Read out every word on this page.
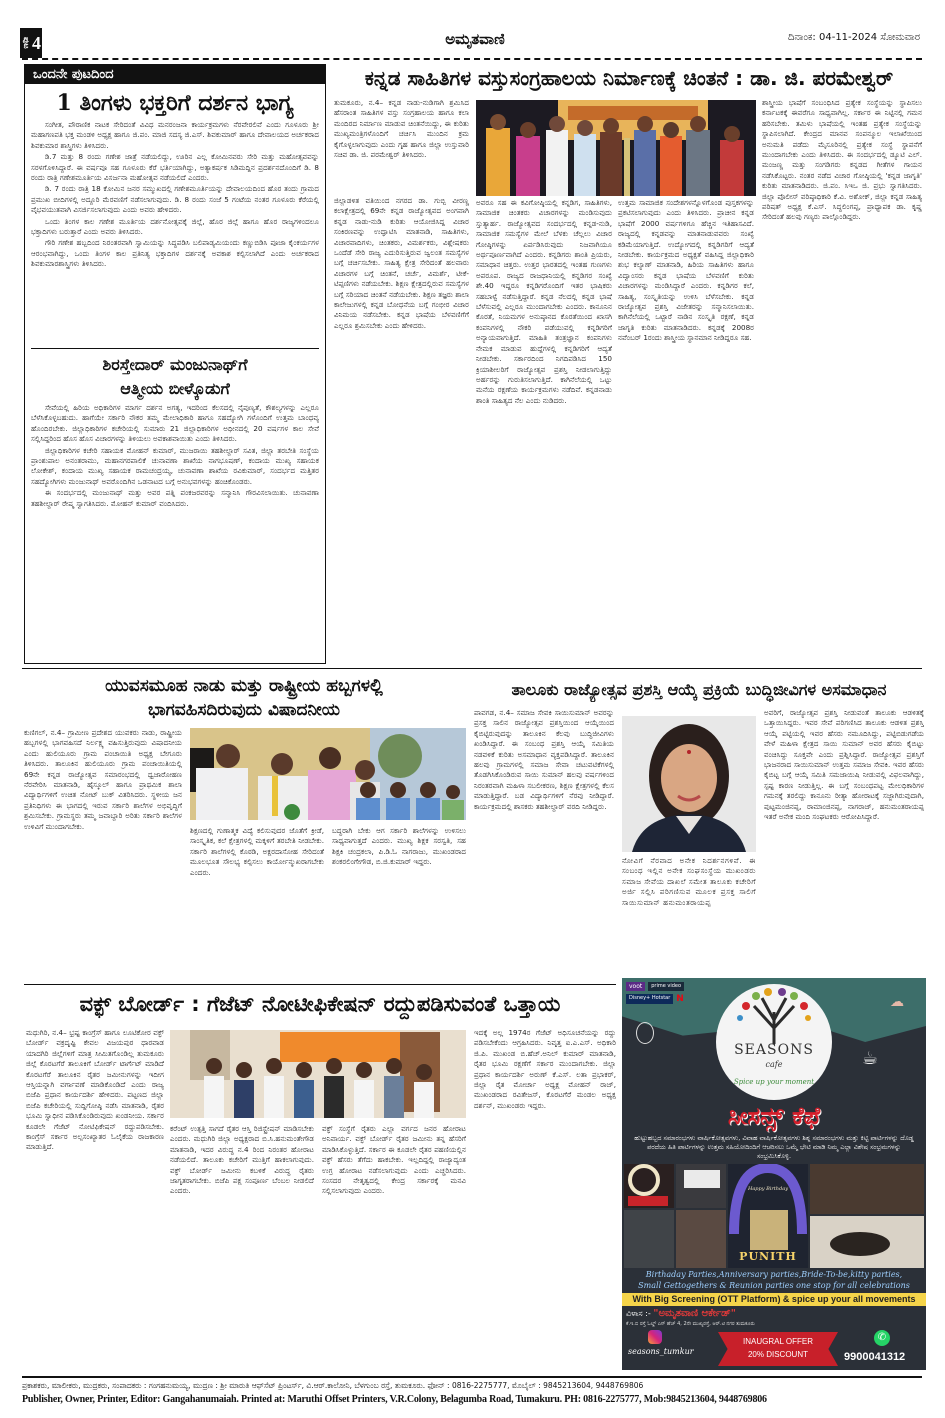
ಪುಟ 4	ಅಮೃತವಾಣಿ	ದಿನಾಂಕ: 04-11-2024 ಸೋಮವಾರ
ಒಂದನೇ ಪುಟದಿಂದ
1 ತಿಂಗಳು ಭಕ್ತರಿಗೆ ದರ್ಶನ ಭಾಗ್ಯ

ಸಂಗೀತ, ಪೌರಾಣಿಕ ನಾಟಕ ಸೇರಿದಂತೆ ವಿವಿಧ ಮನರಂಜನಾ ಕಾರ್ಯಕ್ರಮಗಳು ನೆರವೇರಲಿವೆ ಎಂದು ಗೂಳೂರು ಶ್ರೀ ಮಹಾಗಣಪತಿ ಭಕ್ತ ಮಂಡಳಿ ಅಧ್ಯಕ್ಷ ಹಾಗೂ ಜಿ.ಪಂ. ಮಾಜಿ ಸದಸ್ಯ ಜಿ.ಎಸ್. ಶಿವಕುಮಾರ್ ಹಾಗೂ ದೇವಾಲಯದ ಅರ್ಚಕರಾದ ಶಿವಕುಮಾರ ಶಾಸ್ತ್ರಿಗಳು ತಿಳಿಸಿದರು.

ಡಿ.7 ಮತ್ತು 8 ರಂದು ಗಣೇಶ ಜಾತ್ರೆ ನಡೆಯಲಿದ್ದು, ಊರಿನ ಎಲ್ಲ ಕೋಮಿನವರು ಸೇರಿ ಮತ್ತು ಮಹೋತ್ಸವವನ್ನು ಸರಳಗೊಳಿಸಿದ್ದಾರೆ. ಈ ವರ್ಷವೂ ಸಹ ಗೂಳೂರು ಕೆರೆ ಭರ್ತಿಯಾಗಿದ್ದು, ಅತ್ಯಾಕರ್ಷಕ ಸಿಡಿಮದ್ದಿನ ಪ್ರದರ್ಶನದೊಂದಿಗೆ ಡಿ. 8 ರಂದು ರಾತ್ರಿ ಗಣೇಶಮೂರ್ತಿಯ ವಿಸರ್ಜನಾ ಮಹೋತ್ಸವ ನಡೆಯಲಿದೆ ಎಂದರು.

ಡಿ. 7 ರಂದು ರಾತ್ರಿ 18 ಕೋಮಿನ ಜನರ ಸಮ್ಮುಖದಲ್ಲಿ ಗಣೇಶಮೂರ್ತಿಯನ್ನು ದೇವಾಲಯದಿಂದ ಹೊರ ತಂದು ಗ್ರಾಮದ ಪ್ರಮುಖ ಬೀದಿಗಳಲ್ಲಿ ಅದ್ದೂರಿ ಮೆರವಣಿಗೆ ನಡೆಸಲಾಗುವುದು. ಡಿ. 8 ರಂದು ಸಂಜೆ 5 ಗಂಟೆಯ ನಂತರ ಗೂಳೂರು ಕೆರೆಯಲ್ಲಿ ವೈಭವಯುತವಾಗಿ ವಿಸರ್ಜಿಸಲಾಗುವುದು ಎಂದು ಅವರು ಹೇಳಿದರು.

ಒಂದು ತಿಂಗಳ ಕಾಲ ಗಣೇಶ ಮೂರ್ತಿಯ ದರ್ಶನೋತ್ಸವಕ್ಕೆ ಜಿಲ್ಲೆ, ಹೊರ ಜಿಲ್ಲೆ ಹಾಗೂ ಹೊರ ರಾಜ್ಯಗಳಿಂದಲೂ ಭಕ್ತಾದಿಗಳು ಬರುತ್ತಾರೆ ಎಂದು ಅವರು ತಿಳಿಸಿದರು.

ಗೌರಿ ಗಣೇಶ ಹಬ್ಬದಿಂದ ನಿರಂತರವಾಗಿ ಸ್ವಾಮಿಯನ್ನು ಸಿದ್ಧಪಡಿಸಿ ಬಲಿಪಾಡ್ಯಮಿಯಂದು ಕಣ್ಣುಬಿಡಿಸಿ ಪೂಜಾ ಕೈಂಕರ್ಯಗಳ ಆರಂಭವಾಗಿದ್ದು, ಒಂದು ತಿಂಗಳ ಕಾಲ ಪ್ರತಿನಿತ್ಯ ಭಕ್ತಾದಿಗಳ ದರ್ಶನಕ್ಕೆ ಅವಕಾಶ ಕಲ್ಪಿಸಲಾಗಿದೆ ಎಂದು ಅರ್ಚಕರಾದ ಶಿವಕುಮಾರಶಾಸ್ತ್ರಿಗಳು ತಿಳಿಸಿದರು.

ಶಿರಸ್ತೇದಾರ್ ಮಂಜುನಾಥ್‌ಗೆ
ಆತ್ಮೀಯ ಬೀಳ್ಕೊಡುಗೆ

ಸೇವೆಯಲ್ಲಿ ಹಿರಿಯ ಅಧಿಕಾರಿಗಳ ಮಾರ್ಗ ದರ್ಶನ ಅಗತ್ಯ, ಇದರಿಂದ ಕೆಲಸದಲ್ಲಿ ನೈಪುಣ್ಯತೆ, ಕೌಶಲ್ಯಗಳನ್ನು ಎಲ್ಲರೂ ಬೆಳೆಸಿಕೊಳ್ಳಬಹುದು. ಹಾಗೆಯೇ ಸರ್ಕಾರಿ ನೌಕರ ತಮ್ಮ ಮೇಲಾಧಿಕಾರಿ ಹಾಗೂ ಸಹದ್ಯೋಗಿ ಗಳೊಂದಿಗೆ ಉತ್ತಮ ಬಾಂಧವ್ಯ ಹೊಂದಿರಬೇಕು. ಜಿಲ್ಲಾಧಿಕಾರಿಗಳ ಕಚೇರಿಯಲ್ಲಿ ಸುಮಾರು 21 ಜಿಲ್ಲಾಧಿಕಾರಿಗಳ ಅಧೀನದಲ್ಲಿ 20 ವರ್ಷಗಳ ಕಾಲ ಸೇವೆ ಸಲ್ಲಿಸಿದ್ದರಿಂದ ಹೊಸ ಹೊಸ ವಿಚಾರಗಳನ್ನು ತಿಳಿಯಲು ಅವಕಾಶವಾಯಿತು ಎಂದು ತಿಳಿಸಿದರು.

ಜಿಲ್ಲಾಧಿಕಾರಿಗಳ ಕಚೇರಿ ಸಹಾಯಕ ಮೋಹನ್ ಕುಮಾರ್, ಮುಜರಾಯಿ ತಹಶೀಲ್ದಾರ್ ಸವಿತ, ಜಿಲ್ಲಾ ತರಬೇತಿ ಸಂಸ್ಥೆಯ ಪ್ರಾಂಶುಪಾಲ ಅನಂತರಾಮು, ಮಹಾನಗರಪಾಲಿಕೆ ಚುನಾವಣಾ ಶಾಖೆಯ ನಾಗಭೂಷಣ್, ಕಂದಾಯ ಮುಖ್ಯ ಸಹಾಯಕ ಲೋಕೇಶ್, ಕಂದಾಯ ಮುಖ್ಯ ಸಹಾಯಕ ರಾಮಚಂದ್ರಯ್ಯ, ಚುನಾವಣಾ ಶಾಖೆಯ ರವಿಕುಮಾರ್, ಸಂದರ್ಭದ ಮತ್ತಿತರ ಸಹದ್ಯೋಗಿಗಳು ಮಂಜುನಾಥ್ ಅವರೊಂದಿಗಿನ ಒಡನಾಟದ ಬಗ್ಗೆ ಅನುಭವಗಳನ್ನು ಹಂಚಿಕೊಂಡರು.

ಈ ಸಂದರ್ಭದಲ್ಲಿ ಮಂಜುನಾಥ್ ಮತ್ತು ಅವರ ಪತ್ನಿ ಪಂಕಜರವರನ್ನು ಸನ್ಮಾನಿಸಿ ಗೌರವಿಸಲಾಯಿತು. ಚುನಾವಣಾ ತಹಶೀಲ್ದಾರ್ ರೇಷ್ಮ ಸ್ವಾಗತಿಸಿದರು. ಮೋಹನ್ ಕುಮಾರ್ ವಂದಿಸಿದರು.

ಕನ್ನಡ ಸಾಹಿತಿಗಳ ವಸ್ತುಸಂಗ್ರಹಾಲಯ ನಿರ್ಮಾಣಕ್ಕೆ ಚಿಂತನೆ : ಡಾ. ಜಿ. ಪರಮೇಶ್ವರ್
ತುಮಕೂರು, ನ.4– ಕನ್ನಡ ನಾಡು-ನುಡಿಗಾಗಿ ಶ್ರಮಿಸಿದ ಹೆಸರಾಂತ ಸಾಹಿತಿಗಳ ವಸ್ತು ಸಂಗ್ರಹಾಲಯ ಹಾಗೂ ಕಲಾ ಮಂದಿರದ ನಿರ್ಮಾಣ ಮಾಡುವ ಚಿಂತನೆಯಿದ್ದು, ಈ ಕುರಿತು ಮುಖ್ಯಮಂತ್ರಿಗಳೊಂದಿಗೆ ಚರ್ಚಿಸಿ ಮುಂದಿನ ಕ್ರಮ ಕೈಗೊಳ್ಳಲಾಗುವುದು ಎಂದು ಗೃಹ ಹಾಗೂ ಜಿಲ್ಲಾ ಉಸ್ತುವಾರಿ ಸಚಿವ ಡಾ. ಜಿ. ಪರಮೇಶ್ವರ್ ತಿಳಿಸಿದರು.
ಜಿಲ್ಲಾಡಳಿತ ವತಿಯಿಂದ ನಗರದ ಡಾ. ಗುಬ್ಬಿ ವೀರಣ್ಣ ಕಲಾಕ್ಷೇತ್ರದಲ್ಲಿ 69ನೇ ಕನ್ನಡ ರಾಜ್ಯೋತ್ಸವದ ಅಂಗವಾಗಿ ಕನ್ನಡ ನಾಡು-ನುಡಿ ಕುರಿತು ಆಯೋಜಿಸಿದ್ದ ವಿಚಾರ ಸಂಕಿರಣವನ್ನು ಉದ್ಘಾಟಿಸಿ ಮಾತನಾಡಿ, ಸಾಹಿತಿಗಳು, ವಿಚಾರವಾದಿಗಳು, ಚಿಂತಕರು, ವಿಮರ್ಶಕರು, ವಿಶ್ಲೇಷಕರು ಒಂದೆಡೆ ಸೇರಿ ರಾಜ್ಯ ಎದುರಿಸುತ್ತಿರುವ ಜ್ವಲಂತ ಸಮಸ್ಯೆಗಳ ಬಗ್ಗೆ ಚರ್ಚಿಸಬೇಕು. ಸಾಹಿತ್ಯ ಕ್ಷೇತ್ರ ಸೇರಿದಂತೆ ಹಲವಾರು ವಿಚಾರಗಳ ಬಗ್ಗೆ ಚಿಂತನೆ, ಚರ್ಚೆ, ವಿಮರ್ಶೆ, ಟೀಕೆ-ಟಿಪ್ಪಣಿಗಳು ನಡೆಯಬೇಕು. ಶಿಕ್ಷಣ ಕ್ಷೇತ್ರದಲ್ಲಿರುವ ಸಮಸ್ಯೆಗಳ ಬಗ್ಗೆ ಸರಿಯಾದ ಚಿಂತನೆ ನಡೆಯಬೇಕು. ಶಿಕ್ಷಣ ತಜ್ಞರು ಶಾಲಾ ಕಾಲೇಜುಗಳಲ್ಲಿ ಕನ್ನಡ ಬೋಧನೆಯ ಬಗ್ಗೆ ಗಂಭೀರ ವಿಚಾರ ವಿನಿಮಯ ನಡೆಸಬೇಕು. ಕನ್ನಡ ಭಾಷೆಯ ಬೆಳವಣಿಗೆಗೆ ಎಲ್ಲರೂ ಶ್ರಮಿಸಬೇಕು ಎಂದು ಹೇಳಿದರು.
ಅವರೂ ಸಹ ಈ ಕವಿಗೋಷ್ಠಿಯಲ್ಲಿ ಕನ್ನಡಿಗ, ಸಾಹಿತಿಗಳು, ಸಾಮಾಜಿಕ ಚಿಂತಕರು ವಿಚಾರಗಳನ್ನು ಮಂಡಿಸುವುದು ಸ್ತುತ್ಯಾರ್ಹ. ರಾಜ್ಯೋತ್ಸವದ ಸಂದರ್ಭದಲ್ಲಿ ಕನ್ನಡ-ನುಡಿ, ಸಾಮಾಜಿಕ ಸಮಸ್ಯೆಗಳ ಮೇಲೆ ಬೆಳಕು ಚೆಲ್ಲಲು ವಿಚಾರ ಗೋಷ್ಠಿಗಳನ್ನು ಏರ್ಪಡಿಸಿರುವುದು ನಿಜವಾಗಿಯೂ ಅರ್ಥಪೂರ್ಣವಾಗಿದೆ ಎಂದರು. ಕನ್ನಡಿಗರು ಶಾಂತಿ ಪ್ರಿಯರು, ಸಮಾಧಾನ ಚಿತ್ತರು. ಉತ್ತರ ಭಾರತದಲ್ಲಿ ಇಂತಹ ಗುಣಗಳು ಅಪರೂಪ. ರಾಜ್ಯದ ರಾಜಧಾನಿಯಲ್ಲಿ ಕನ್ನಡಿಗರ ಸಂಖ್ಯೆ ಶೇ.40 ಇದ್ದರೂ ಕನ್ನಡಿಗರೊಂದಿಗೆ ಇತರ ಭಾಷಿಕರು ಸಹಬಾಳ್ವೆ ನಡೆಸುತ್ತಿದ್ದಾರೆ. ಕನ್ನಡ ನೆಲದಲ್ಲಿ ಕನ್ನಡ ಭಾಷೆ ಬೆಳೆಸುವಲ್ಲಿ ಎಲ್ಲರೂ ಮುಂದಾಗಬೇಕು ಎಂದರು. ಕಾನೂನಿನ ಕೊರತೆ, ನಿಯಮಗಳ ಅನುಷ್ಠಾನದ ಕೊರತೆಯಿಂದ ಖಾಸಗಿ ಕಂಪನಿಗಳಲ್ಲಿ ನೌಕರಿ ಪಡೆಯುವಲ್ಲಿ ಕನ್ನಡಿಗರಿಗೆ ಅನ್ಯಾಯವಾಗುತ್ತಿದೆ. ಮಾಹಿತಿ ತಂತ್ರಜ್ಞಾನ ಕಂಪನಿಗಳು ನೇಮಕ ಮಾಡುವ ಹುದ್ದೆಗಳಲ್ಲಿ ಕನ್ನಡಿಗರಿಗೆ ಆದ್ಯತೆ ನೀಡಬೇಕು. ಸರ್ಕಾರದಿಂದ ನಿಗದಿಪಡಿಸಿದ 150 ಕ್ರಿಯಾಶೀಲರಿಗೆ ರಾಜ್ಯೋತ್ಸವ ಪ್ರಶಸ್ತಿ ನೀಡಲಾಗುತ್ತಿದ್ದು ಅರ್ಹರನ್ನು ಗುರುತಿಸಲಾಗುತ್ತಿದೆ. ಕಾಗಿನೆಲೆಯಲ್ಲಿ ಒಟ್ಟು ಮನೆಯ ರಕ್ಷಣೆಯ ಕಾರ್ಯಕ್ರಮಗಳು ನಡೆದಿವೆ. ಕನ್ನಡನಾಡು ಶಾಂತಿ ಸಾಹಿತ್ಯದ ನೆಲ ಎಂದು ನುಡಿದರು.
ಉತ್ತಮ ಸಾಮಾಜಿಕ ಸಂದೇಶಗಳನ್ನೊಳಗೊಂಡ ಪುಸ್ತಕಗಳನ್ನು ಪ್ರಕಟಿಸಲಾಗುವುದು ಎಂದು ತಿಳಿಸಿದರು. ಪ್ರಾಚೀನ ಕನ್ನಡ ಭಾಷೆಗೆ 2000 ವರ್ಷಗಳಿಗೂ ಹೆಚ್ಚಿನ ಇತಿಹಾಸವಿದೆ. ರಾಜ್ಯದಲ್ಲಿ ಕನ್ನಡವನ್ನು ಮಾತನಾಡುವವರು ಸಂಖ್ಯೆ ಕಡಿಮೆಯಾಗುತ್ತಿದೆ. ಉದ್ಯೋಗದಲ್ಲಿ ಕನ್ನಡಿಗರಿಗೆ ಆದ್ಯತೆ ನೀಡಬೇಕು. ಕಾರ್ಯಕ್ರಮದ ಅಧ್ಯಕ್ಷತೆ ವಹಿಸಿದ್ದ ಜಿಲ್ಲಾಧಿಕಾರಿ ಶುಭ ಕಲ್ಯಾಣ್ ಮಾತನಾಡಿ, ಹಿರಿಯ ಸಾಹಿತಿಗಳು ಹಾಗೂ ವಿದ್ವಾಂಸರು ಕನ್ನಡ ಭಾಷೆಯ ಬೆಳವಣಿಗೆ ಕುರಿತು ವಿಚಾರಗಳನ್ನು ಮಂಡಿಸಿದ್ದಾರೆ ಎಂದರು. ಕನ್ನಡಿಗರ ಕಲೆ, ಸಾಹಿತ್ಯ, ಸಂಸ್ಕೃತಿಯನ್ನು ಉಳಿಸಿ ಬೆಳೆಸಬೇಕು. ಕನ್ನಡ ರಾಜ್ಯೋತ್ಸವ ಪ್ರಶಸ್ತಿ ವಿಜೇತರನ್ನು ಸನ್ಮಾನಿಸಲಾಯಿತು. ಕಾಗಿನೆಲೆಯಲ್ಲಿ ಒಟ್ಟಾರೆ ನಾಡಿನ ಸಂಸ್ಕೃತಿ ರಕ್ಷಣೆ, ಕನ್ನಡ ಜಾಗೃತಿ ಕುರಿತು ಮಾತನಾಡಿದರು. ಕನ್ನಡಕ್ಕೆ 2008ರ ನವೆಂಬರ್ 1ರಂದು ಶಾಸ್ತ್ರೀಯ ಸ್ಥಾನಮಾನ ನೀಡಿದ್ದರೂ ಸಹ.
ಶಾಸ್ತ್ರೀಯ ಭಾಷೆಗೆ ಸಂಬಂಧಿಸಿದ ಪ್ರತ್ಯೇಕ ಸಂಸ್ಥೆಯನ್ನು ಸ್ಥಾಪಿಸಲು ಕರ್ನಾಟಕಕ್ಕೆ ಈವರೆಗೂ ಸಾಧ್ಯವಾಗಿಲ್ಲ. ಸರ್ಕಾರ ಈ ನಿಟ್ಟಿನಲ್ಲಿ ಗಮನ ಹರಿಸಬೇಕು. ತಮಿಳು ಭಾಷೆಯಲ್ಲಿ ಇಂತಹ ಪ್ರತ್ಯೇಕ ಸಂಸ್ಥೆಯನ್ನು ಸ್ಥಾಪಿಸಲಾಗಿದೆ. ಕೇಂದ್ರದ ಮಾನವ ಸಂಪನ್ಮೂಲ ಇಲಾಖೆಯಿಂದ ಅನುಮತಿ ಪಡೆದು ಮೈಸೂರಿನಲ್ಲಿ ಪ್ರತ್ಯೇಕ ಸಂಸ್ಥೆ ಸ್ಥಾಪನೆಗೆ ಮುಂದಾಗಬೇಕು ಎಂದು ತಿಳಿಸಿದರು. ಈ ಸಂದರ್ಭದಲ್ಲಿ ಡ್ಯೂಟಿ ಎಲ್. ಮಂಜಣ್ಣ ಮತ್ತು ಸಂಗಡಿಗರು ಕನ್ನಡದ ಗೀತೆಗಳ ಗಾಯನ ನಡೆಸಿಕೊಟ್ಟರು. ನಂತರ ನಡೆದ ವಿಚಾರ ಗೋಷ್ಠಿಯಲ್ಲಿ 'ಕನ್ನಡ ಜಾಗೃತಿ' ಕುರಿತು ಮಾತನಾಡಿದರು. ಜಿ.ಪಂ. ಸಿಇಒ ಜಿ. ಪ್ರಭು ಸ್ವಾಗತಿಸಿದರು. ಜಿಲ್ಲಾ ಪೊಲೀಸ್ ವರಿಷ್ಠಾಧಿಕಾರಿ ಕೆ.ವಿ. ಅಶೋಕ್, ಜಿಲ್ಲಾ ಕನ್ನಡ ಸಾಹಿತ್ಯ ಪರಿಷತ್ ಅಧ್ಯಕ್ಷ ಕೆ.ಎಸ್. ಸಿದ್ಧಲಿಂಗಪ್ಪ, ಪ್ರಾಧ್ಯಾಪಕ ಡಾ. ಕೃಷ್ಣ ಸೇರಿದಂತೆ ಹಲವು ಗಣ್ಯರು ಪಾಲ್ಗೊಂಡಿದ್ದರು.
ಯುವಸಮೂಹ ನಾಡು ಮತ್ತು ರಾಷ್ಟ್ರೀಯ ಹಬ್ಬಗಳಲ್ಲಿ
ಭಾಗವಹಿಸದಿರುವುದು ವಿಷಾದನೀಯ
ಕುಣಿಗಲ್, ನ.4– ಗ್ರಾಮೀಣ ಪ್ರದೇಶದ ಯುವಕರು ನಾಡು, ರಾಷ್ಟ್ರೀಯ ಹಬ್ಬಗಳಲ್ಲಿ ಭಾಗವಹಿಸದೆ ನಿರ್ಲಕ್ಷ್ಯ ವಹಿಸುತ್ತಿರುವುದು ವಿಷಾದನೀಯ ಎಂದು ಹುಲಿಯೂರು ಗ್ರಾಮ ಪಂಚಾಯಿತಿ ಅಧ್ಯಕ್ಷ ಬೇಗೂರು ತಿಳಿಸಿದರು. ತಾಲೂಕಿನ ಹುಲಿಯೂರು ಗ್ರಾಮ ಪಂಚಾಯಿತಿಯಲ್ಲಿ 69ನೇ ಕನ್ನಡ ರಾಜ್ಯೋತ್ಸವ ಸಮಾರಂಭದಲ್ಲಿ ಧ್ವಜಾರೋಹಣ ನೆರವೇರಿಸಿ ಮಾತನಾಡಿ, ಹೈಸ್ಕೂಲ್ ಹಾಗೂ ಪ್ರಾಥಮಿಕ ಶಾಲಾ ವಿದ್ಯಾರ್ಥಿಗಳಿಗೆ ಉಚಿತ ನೋಟ್ ಬುಕ್ ವಿತರಿಸಿದರು. ಸ್ಥಳೀಯ ಜನ ಪ್ರತಿನಿಧಿಗಳು ಈ ಭಾಗದಲ್ಲಿ ಇರುವ ಸರ್ಕಾರಿ ಶಾಲೆಗಳ ಅಭಿವೃದ್ಧಿಗೆ ಶ್ರಮಿಸಬೇಕು. ಗ್ರಾಮಸ್ಥರು ತಮ್ಮ ಜವಾಬ್ದಾರಿ ಅರಿತು ಸರ್ಕಾರಿ ಶಾಲೆಗಳ ಉಳಿವಿಗೆ ಮುಂದಾಗಬೇಕು.	ಶಿಕ್ಷಣದಲ್ಲಿ ಗುಣಾತ್ಮಕ ವಿದ್ಯೆ ಕಲಿಸುವುದರ ಜೊತೆಗೆ ಕ್ರೀಡೆ, ಸಾಂಸ್ಕೃತಿಕ, ಕಲೆ ಕ್ಷೇತ್ರಗಳಲ್ಲಿ ಮಕ್ಕಳಿಗೆ ತರಬೇತಿ ನೀಡಬೇಕು. ಸರ್ಕಾರಿ ಶಾಲೆಗಳಲ್ಲಿ ಕೊಠಡಿ, ಅಕ್ಷರದಾಸೋಹ ಸೇರಿದಂತೆ ಮೂಲಭೂತ ಸೌಲಭ್ಯ ಕಲ್ಪಿಸಲು ಕಾರ್ಯೋನ್ಮುಖರಾಗಬೇಕು ಎಂದರು.
ಬದ್ಧರಾಗಿ ಬೇಕು ಆಗ ಸರ್ಕಾರಿ ಶಾಲೆಗಳನ್ನು ಉಳಿಸಲು ಸಾಧ್ಯವಾಗುತ್ತದೆ ಎಂದರು. ಮುಖ್ಯ ಶಿಕ್ಷಕ ಸರಸ್ವತಿ, ಸಹ ಶಿಕ್ಷಕಿ ಚಂದ್ರಕಲಾ, ಪಿ.ಡಿ.ಓ ನಾಗರಾಜು, ಮುಖಂಡರಾದ ಶಂಕರಲಿಂಗೇಗೌಡ, ಬಿ.ಜಿ.ಕುಮಾರ್ ಇದ್ದರು.
ತಾಲೂಕು ರಾಜ್ಯೋತ್ಸವ ಪ್ರಶಸ್ತಿ ಆಯ್ಕೆ ಪ್ರಕ್ರಿಯೆ ಬುದ್ಧಿಜೀವಿಗಳ ಅಸಮಾಧಾನ
ಪಾವಗಡ, ನ.4– ಸಮಾಜ ಸೇವಕಿ ಸಾಯಿಸುಮಾನ್ ಅವರನ್ನು ಪ್ರಸಕ್ತ ಸಾಲಿನ ರಾಜ್ಯೋತ್ಸವ ಪ್ರಶಸ್ತಿಯಿಂದ ಆಯ್ಕೆಯಿಂದ ಕೈಬಿಟ್ಟಿರುವುದನ್ನು ತಾಲೂಕಿನ ಕೆಲವು ಬುದ್ಧಿಜೀವಿಗಳು ಖಂಡಿಸಿದ್ದಾರೆ. ಈ ಸಂಬಂಧ ಪ್ರಶಸ್ತಿ ಆಯ್ಕೆ ಸಮಿತಿಯ ನಡವಳಿಕೆ ಕುರಿತು ಅಸಮಾಧಾನ ವ್ಯಕ್ತಪಡಿಸಿದ್ದಾರೆ. ತಾಲೂಕಿನ ಹಲವು ಗ್ರಾಮಗಳಲ್ಲಿ ಸಮಾಜ ಸೇವಾ ಚಟುವಟಿಕೆಗಳಲ್ಲಿ ತೊಡಗಿಸಿಕೊಂಡಿರುವ ಸಾಯಿ ಸುಮಾನ್ ಹಲವು ವರ್ಷಗಳಿಂದ ನಿರಂತರವಾಗಿ ಮಹಿಳಾ ಸಬಲೀಕರಣ, ಶಿಕ್ಷಣ ಕ್ಷೇತ್ರಗಳಲ್ಲಿ ಕೆಲಸ ಮಾಡುತ್ತಿದ್ದಾರೆ. ಬಡ ವಿದ್ಯಾರ್ಥಿಗಳಿಗೆ ನೆರವು ನೀಡಿದ್ದಾರೆ. ಕಾರ್ಯಕ್ರಮದಲ್ಲಿ ಶಾಸಕರು ತಹಶೀಲ್ದಾರ್ ವರದಿ ನೀಡಿದ್ದರು.
ನೋವಿಗೆ ನೆರವಾದ ಅನೇಕ ನಿದರ್ಶನಗಳಿವೆ. ಈ ಸಂಬಂಧ ಇಲ್ಲಿನ ಅನೇಕ ಸಂಘಸಂಸ್ಥೆಯ ಮುಖಂಡರು ಸಮಾಜ ಸೇವೆಯ ದಾಖಲೆ ಸಮೇತ ತಾಲೂಕು ಕಚೇರಿಗೆ ಅರ್ಜಿ ಸಲ್ಲಿಸಿ ಪರಿಗಣಿಸುವ ಮೂಲಕ ಪ್ರಸಕ್ತ ಸಾಲಿಗೆ ಸಾಯಿಸುಮಾನ್ ಹನುಮಂತರಾಯಪ್ಪ
ಅವರಿಗೆ, ರಾಜ್ಯೋತ್ಸವ ಪ್ರಶಸ್ತಿ ನೀಡುವಂತೆ ತಾಲೂಕು ಆಡಳಿತಕ್ಕೆ ಒತ್ತಾಯಿಸಿದ್ದರು. ಇವರ ಸೇವೆ ಪರಿಗಣಿಸಿದ ತಾಲೂಕು ಆಡಳಿತ ಪ್ರಶಸ್ತಿ ಆಯ್ಕೆ ಪಟ್ಟಿಯಲ್ಲಿ ಇವರ ಹೆಸರು ನಮೂದಿಸಿದ್ದು, ಪಟ್ಟಿಬಿಡುಗಡೆಯ ವೇಳೆ ಮಹಿಳಾ ಕ್ಷೇತ್ರದ ಸಾಯಿ ಸುಮಾನ್ ಅವರ ಹೆಸರು ಕೈಬಿಟ್ಟು ವಂಚಿಸಿದ್ದು ಸೂಕ್ತವೇ ಎಂದು ಪ್ರಶ್ನಿಸಿದ್ದಾರೆ. ರಾಜ್ಯೋತ್ಸವ ಪ್ರಶಸ್ತಿಗೆ ಭಾಜನರಾದ ಸಾಯಿಸುಮಾನ್ ಉತ್ತಮ ಸಮಾಜ ಸೇವಕಿ. ಇವರ ಹೆಸರು ಕೈಬಿಟ್ಟ ಬಗ್ಗೆ ಆಯ್ಕೆ ಸಮಿತಿ ಸಮಜಾಯಿಷಿ ನೀಡುವಲ್ಲಿ ವಿಫಲವಾಗಿದ್ದು, ಸ್ಪಷ್ಟ ಕಾರಣ ನೀಡುತ್ತಿಲ್ಲ. ಈ ಬಗ್ಗೆ ಸಂಬಂಧಪಟ್ಟ ಮೇಲಧಿಕಾರಿಗಳ ಗಮನಕ್ಕೆ ತರಲಿದ್ದು ಕಾನೂನು ರೀತ್ಯಾ ಹೋರಾಟಕ್ಕೆ ಸಜ್ಜಾಗಿರುವುದಾಗಿ, ಪುಟ್ಟಮಂಜಿನಪ್ಪ, ರಾಮಾಂಜಿನಪ್ಪ, ನಾಗರಾಜ್, ಹನುಮಂತರಾಯಪ್ಪ ಇತರೆ ಅನೇಕ ಮಂದಿ ಸಂಘಟಕರು ಆರೋಪಿಸಿದ್ದಾರೆ.
ವಕ್ಫ್ ಬೋರ್ಡ್ : ಗೆಜೆಟ್ ನೋಟೀಫಿಕೇಷನ್ ರದ್ದುಪಡಿಸುವಂತೆ ಒತ್ತಾಯ
ಮಧುಗಿರಿ, ನ.4– ಭ್ರಷ್ಟ ಕಾಂಗ್ರೆಸ್ ಹಾಗೂ ಲೂಟಿಕೋರ ವಕ್ಫ್ ಬೋರ್ಡ್ ವಕ್ರದೃಷ್ಟಿ ಕೇವಲ ವಿಜಯಪುರ ಧಾರವಾಡ ಯಾದಗಿರಿ ಜಿಲ್ಲೆಗಳಿಗೆ ಮಾತ್ರ ಸೀಮಿತಗೊಂಡಿಲ್ಲ ತುಮಕೂರು ಜಿಲ್ಲೆ ಕೊರಟಗೆರೆ ತಾಲೂಕಿಗೆ ಬೋರ್ಡ್ ಟಾರ್ಗೆಟ್ ಮಾಡಿದೆ ಕೊರಟಗೆರೆ ತಾಲೂಕಿನ ರೈತರ ಜಮೀನುಗಳನ್ನು ಇದೀಗ ಆಸ್ತಿಯನ್ನಾಗಿ ವರ್ಗಾವಣೆ ಮಾಡಿಕೊಂಡಿದೆ ಎಂದು ರಾಜ್ಯ ಬಿಜೆಪಿ ಪ್ರಧಾನ ಕಾರ್ಯದರ್ಶಿ ಹೇಳಿದರು. ಪಟ್ಟಣದ ಜಿಲ್ಲಾ ಬಿಜೆಪಿ ಕಚೇರಿಯಲ್ಲಿ ಸುದ್ದಿಗೋಷ್ಠಿ ನಡೆಸಿ ಮಾತನಾಡಿ, ರೈತರ ಭೂಮಿ ಸ್ವಾಧೀನ ಪಡಿಸಿಕೊಂಡಿರುವುದು ಖಂಡನೀಯ. ಸರ್ಕಾರ ಕೂಡಲೇ ಗೆಜೆಟ್ ನೋಟಿಫಿಕೇಷನ್ ರದ್ದುಪಡಿಸಬೇಕು. ಕಾಂಗ್ರೆಸ್ ಸರ್ಕಾರ ಅಲ್ಪಸಂಖ್ಯಾತರ ಓಲೈಕೆಯ ರಾಜಕಾರಣ ಮಾಡುತ್ತಿದೆ.
ಕರೆಂಟ್ ಉತ್ಪತ್ತಿ ಸಾಗದೆ ರೈತರ ಆಸ್ತಿ ರಿಜಿಸ್ಟ್ರೇಷನ್ ಮಾಡಿಸಬೇಕು ಎಂದರು. ಮಧುಗಿರಿ ಜಿಲ್ಲಾ ಅಧ್ಯಕ್ಷರಾದ ಬಿ.ಸಿ.ಹನುಮಂತೇಗೌಡ ಮಾತನಾಡಿ, ಇದರ ವಿರುದ್ಧ ನ.4 ರಿಂದ ನಿರಂತರ ಹೋರಾಟ ನಡೆಯಲಿದೆ. ತಾಲೂಕು ಕಚೇರಿಗೆ ಮುತ್ತಿಗೆ ಹಾಕಲಾಗುವುದು. ವಕ್ಫ್ ಬೋರ್ಡ್ ಜಮೀನು ಕಬಳಿಕೆ ವಿರುದ್ಧ ರೈತರು ಜಾಗೃತರಾಗಬೇಕು. ಬಿಜೆಪಿ ಪಕ್ಷ ಸಂಪೂರ್ಣ ಬೆಂಬಲ ನೀಡಲಿದೆ ಎಂದರು.
ವಕ್ಫ್ ಸಂಸ್ಥೆಗೆ ರೈತರು ಎಲ್ಲಾ ವರ್ಗದ ಜನರ ಹೋರಾಟ ಅನಿವಾರ್ಯ. ವಕ್ಫ್ ಬೋರ್ಡ್ ರೈತರ ಜಮೀನು ತನ್ನ ಹೆಸರಿಗೆ ಮಾಡಿಸಿಕೊಳ್ಳುತ್ತಿದೆ. ಸರ್ಕಾರ ಈ ಕೂಡಲೇ ರೈತರ ಪಹಣಿಯಲ್ಲಿನ ವಕ್ಫ್ ಹೆಸರು ತೆಗೆದು ಹಾಕಬೇಕು. ಇಲ್ಲದಿದ್ದಲ್ಲಿ ರಾಜ್ಯಾದ್ಯಂತ ಉಗ್ರ ಹೋರಾಟ ನಡೆಸಲಾಗುವುದು ಎಂದು ಎಚ್ಚರಿಸಿದರು. ಸಂಸದರ ನೇತೃತ್ವದಲ್ಲಿ ಕೇಂದ್ರ ಸರ್ಕಾರಕ್ಕೆ ಮನವಿ ಸಲ್ಲಿಸಲಾಗುವುದು ಎಂದರು.
ಇದಕ್ಕೆ ಅಲ್ಲ 1974ರ ಗೆಜೆಟ್ ಅಧಿಸೂಚನೆಯನ್ನು ರದ್ದು ಪಡಿಸಬೇಕೆಂದು ಆಗ್ರಹಿಸಿದರು. ನಿವೃತ್ತ ಐ.ಎ.ಎಸ್. ಅಧಿಕಾರಿ ಜಿ.ಪಿ. ಮುಖಂಡ ಬಿ.ಹೆಚ್.ಅನಿಲ್ ಕುಮಾರ್ ಮಾತನಾಡಿ, ರೈತರ ಭೂಮಿ ರಕ್ಷಣೆಗೆ ಸರ್ಕಾರ ಮುಂದಾಗಬೇಕು. ಜಿಲ್ಲಾ ಪ್ರಧಾನ ಕಾರ್ಯದರ್ಶಿ ಅರುಣ್ ಕೆ.ಎಸ್. ಲತಾ ಪ್ರಭಾಕರ್, ಜಿಲ್ಲಾ ರೈತ ಮೋರ್ಚಾ ಅಧ್ಯಕ್ಷ ಮೋಹನ್ ರಾಜ್, ಮುಖಂಡರಾದ ರವಿತೇಜಸ್, ಕೊರಟಗೆರೆ ಮಂಡಲ ಅಧ್ಯಕ್ಷ ದರ್ಶನ್, ಮುಖಂಡರು ಇದ್ದರು.
voot	prime video
Disney+ Hotstar N
SEASONS
cafe
Spice up your moment
☁
☕
ಸೀಸನ್ಸ್ ಕೆಫೆ
ಹುಟ್ಟುಹಬ್ಬದ ಸಮಾರಂಭಗಳು ವಾರ್ಷಿಕೋತ್ಸವಗಳು, ವಿವಾಹ ವಾರ್ಷಿಕೋತ್ಸವಗಳು ಶಿಶ್ನ ಸಮಾರಂಭಗಳು ಮತ್ತು ಕಿಟ್ಟಿ ಪಾರ್ಟಿಗಳನ್ನು ದೊಡ್ಡ ಪರದೆಯ ಹಿತಿ ಪಾರ್ಟಿಗಳನ್ನು ಉತ್ತಮ ಸಹಿಯೋದಿಂದಿಗೆ ಆಚರಿಸಲು ಒಮ್ಮೆ ಭೇಟಿ ಮಾಡಿ ನಿಮ್ಮ ಎಲ್ಲಾ ವಿಶೇಷ ಸಂಭ್ರಮಗಳನ್ನು ಸಂಭ್ರಮಿಸಿಕೊಳ್ಳಿ.
PUNITH
Happy Birthday
Birthaday Parties,Anniversary parties,Bride-To-be,kitty parties,
Small Gettogethers & Reunion parties one stop for all celebrations
With Big Screening (OTT Platform) & spice up your all movements
ವಿಳಾಸ :- "ಅಮೃತವಾಣಿ ಆರ್ಕೇಡ್"
ಕೆ.ಇ.ಬಿ ರಸ್ತೆ ಓಲ್ಡ್ ಎಸ್ ಹೆಚ್ 4, 2ನೇ ಮುಖ್ಯರಸ್ತೆ, ಆರ್.ಟಿ ನಗರ ತುಮಕೂರು
seasons_tumkur
INAUGRAL OFFER
20% DISCOUNT
✆
9900041312
ಪ್ರಕಾಶಕರು, ಮಾಲೀಕರು, ಮುದ್ರಕರು, ಸಂಪಾದಕರು : ಗಂಗಹನುಮಯ್ಯ, ಮುದ್ರಣ : ಶ್ರೀ ಮಾರುತಿ ಆಫ್‌ಸೆಟ್ ಪ್ರಿಂಟರ್ಸ್, ವಿ.ಆರ್.ಕಾಲೋನಿ, ಬೆಳಗುಂಬ ರಸ್ತೆ, ತುಮಕೂರು. ಫೋನ್ : 0816-2275777, ಮೊಬೈಲ್ : 9845213604, 9448769806
Publisher, Owner, Printer, Editor: Gangahanumaiah. Printed at: Maruthi Offset Printers, V.R.Colony, Belagumba Road, Tumakuru. PH: 0816-2275777, Mob:9845213604, 9448769806
